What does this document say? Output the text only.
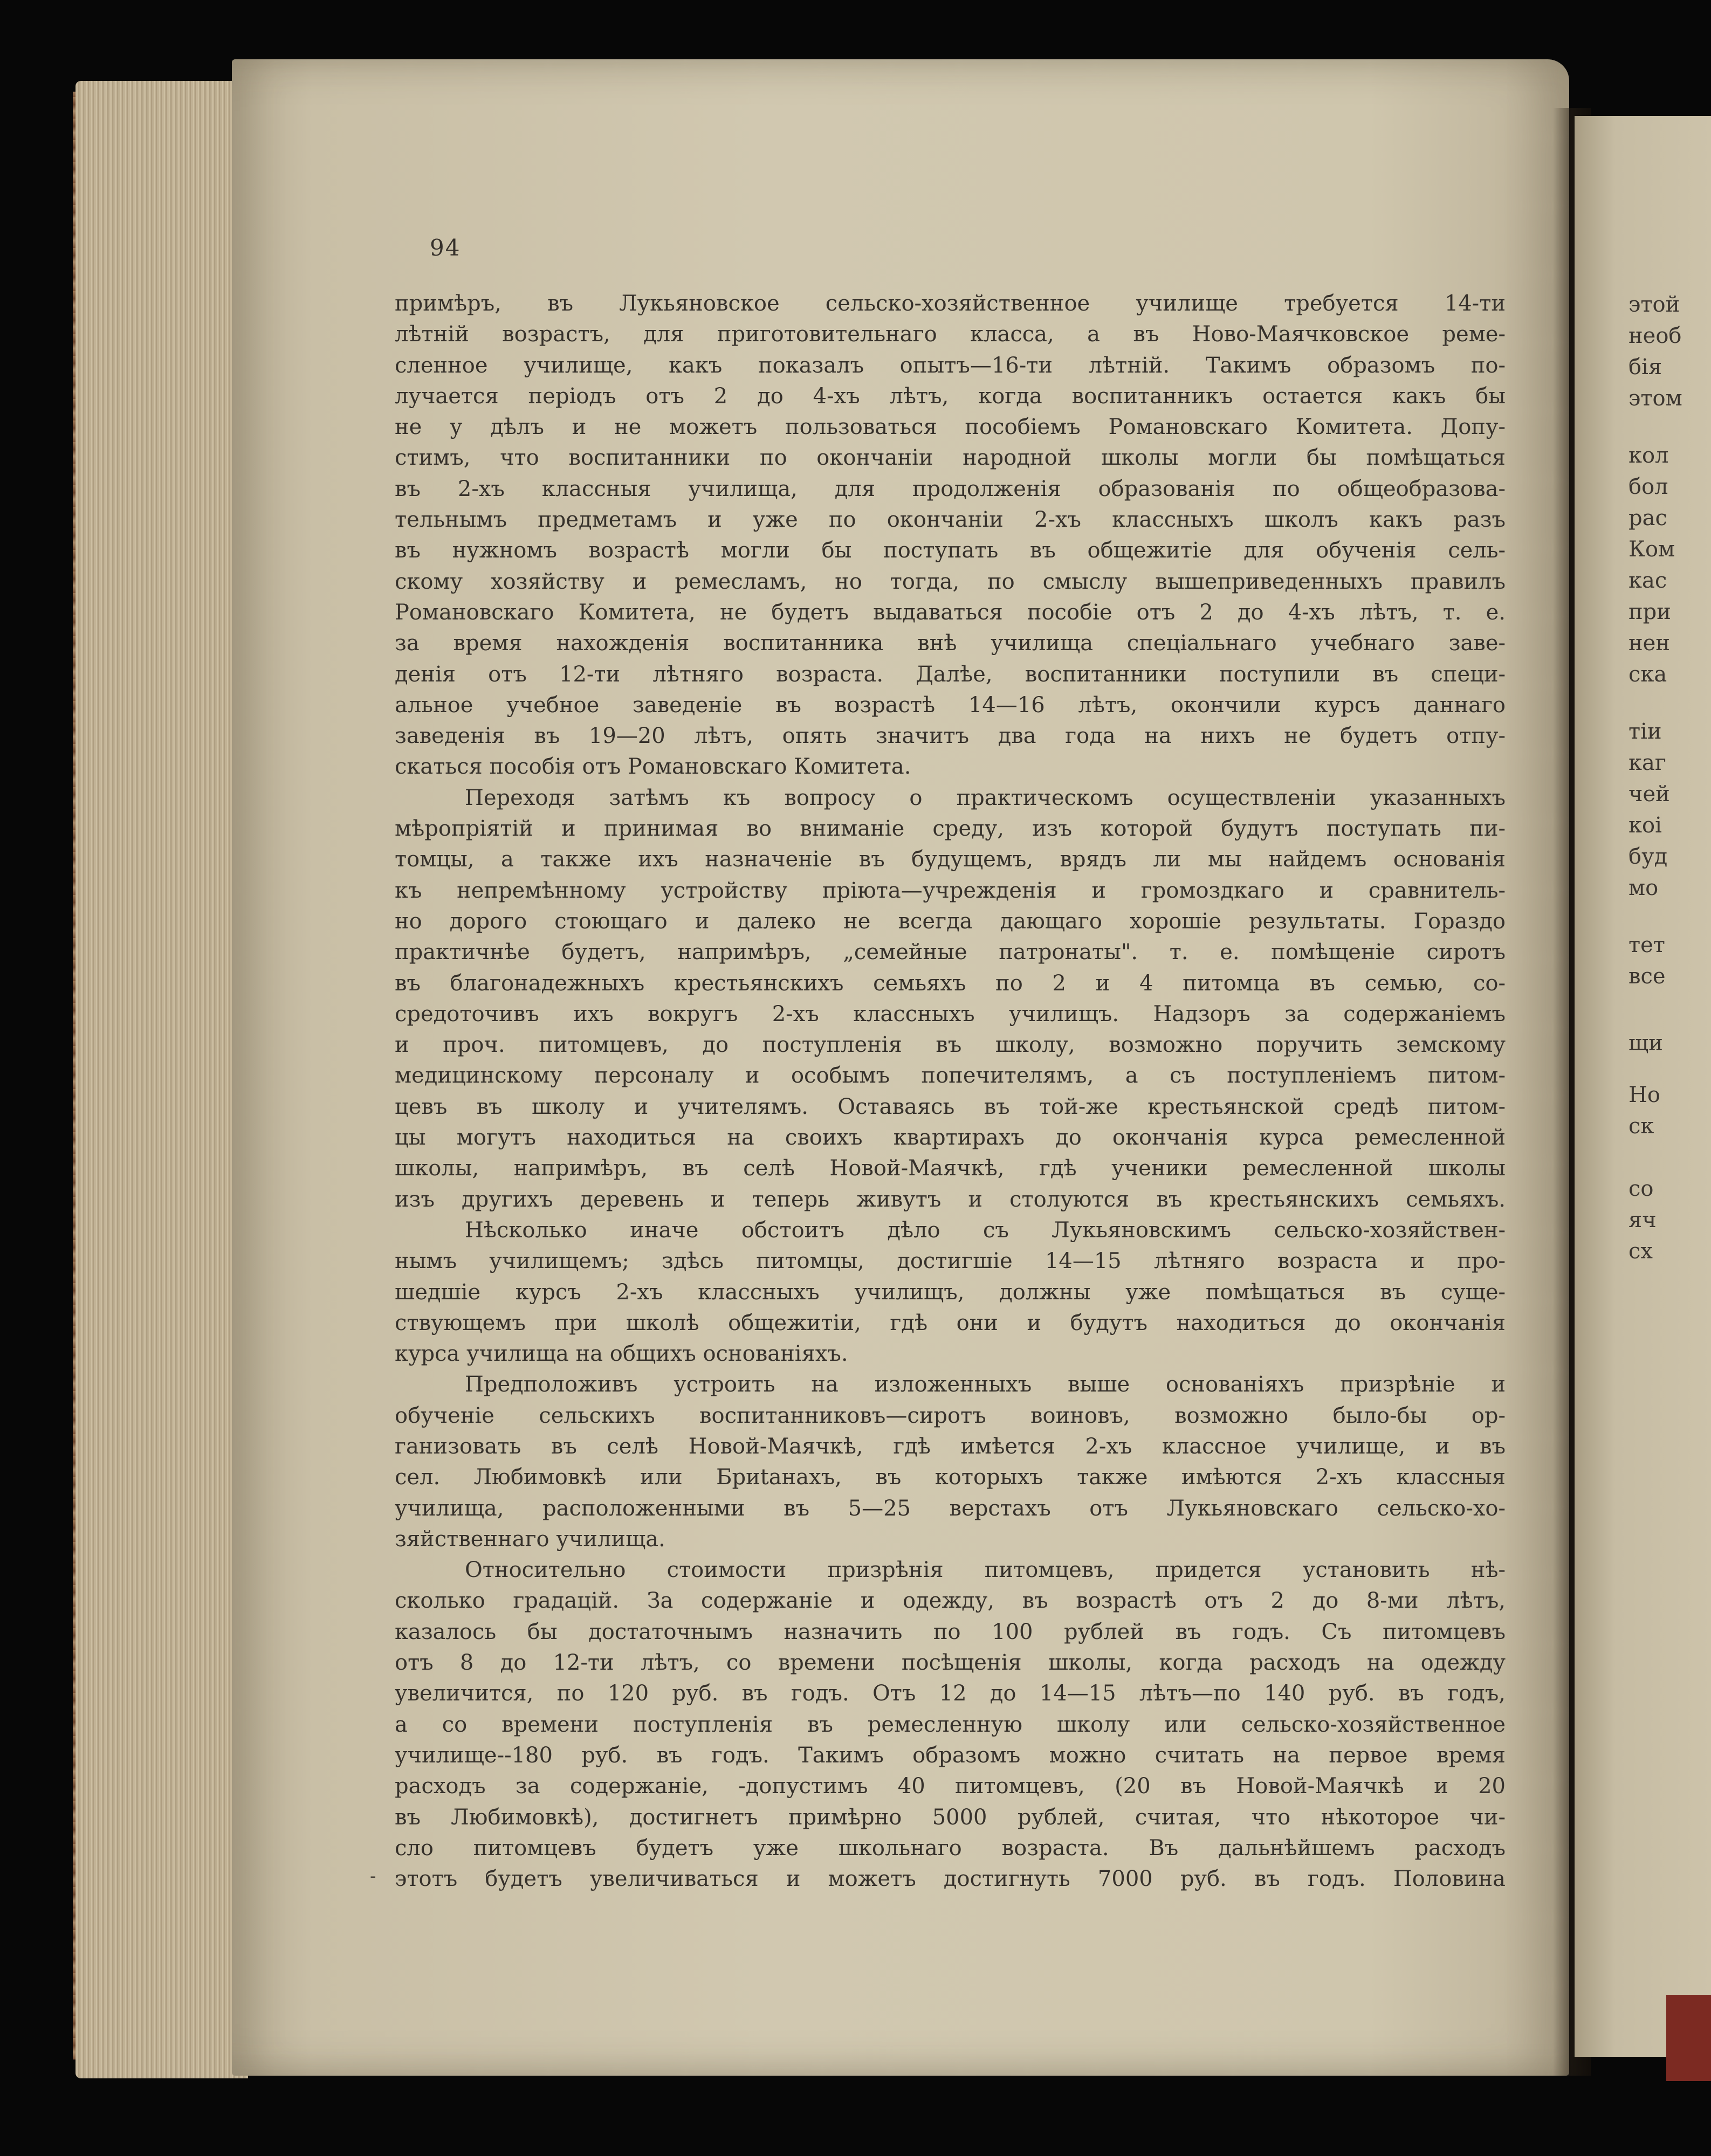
94
примѣръ, въ Лукьяновское сельско-хозяйственное училище требуется 14-ти
лѣтній возрастъ, для приготовительнаго класса, а въ Ново-Маячковское реме-
сленное училище, какъ показалъ опытъ—16-ти лѣтній. Такимъ образомъ по-
лучается періодъ отъ 2 до 4-хъ лѣтъ, когда воспитанникъ остается какъ бы
не у дѣлъ и не можетъ пользоваться пособіемъ Романовскаго Комитета. Допу-
стимъ, что воспитанники по окончаніи народной школы могли бы помѣщаться
въ 2-хъ классныя училища, для продолженія образованія по общеобразова-
тельнымъ предметамъ и уже по окончаніи 2-хъ классныхъ школъ какъ разъ
въ нужномъ возрастѣ могли бы поступать въ общежитіе для обученія сель-
скому хозяйству и ремесламъ, но тогда, по смыслу вышеприведенныхъ правилъ
Романовскаго Комитета, не будетъ выдаваться пособіе отъ 2 до 4-хъ лѣтъ, т. е.
за время нахожденія воспитанника внѣ училища спеціальнаго учебнаго заве-
денія отъ 12-ти лѣтняго возраста. Далѣе, воспитанники поступили въ специ-
альное учебное заведеніе въ возрастѣ 14—16 лѣтъ, окончили курсъ даннаго
заведенія въ 19—20 лѣтъ, опять значитъ два года на нихъ не будетъ отпу-
скаться пособія отъ Романовскаго Комитета.
Переходя затѣмъ къ вопросу о практическомъ осуществленіи указанныхъ
мѣропріятій и принимая во вниманіе среду, изъ которой будутъ поступать пи-
томцы, а также ихъ назначеніе въ будущемъ, врядъ ли мы найдемъ основанія
къ непремѣнному устройству пріюта—учрежденія и громоздкаго и сравнитель-
но дорого стоющаго и далеко не всегда дающаго хорошіе результаты. Гораздо
практичнѣе будетъ, напримѣръ, „семейные патронаты". т. е. помѣщеніе сиротъ
въ благонадежныхъ крестьянскихъ семьяхъ по 2 и 4 питомца въ семью, со-
средоточивъ ихъ вокругъ 2-хъ классныхъ училищъ. Надзоръ за содержаніемъ
и проч. питомцевъ, до поступленія въ школу, возможно поручить земскому
медицинскому персоналу и особымъ попечителямъ, а съ поступленіемъ питом-
цевъ въ школу и учителямъ. Оставаясь въ той-же крестьянской средѣ питом-
цы могутъ находиться на своихъ квартирахъ до окончанія курса ремесленной
школы, напримѣръ, въ селѣ Новой-Маячкѣ, гдѣ ученики ремесленной школы
изъ другихъ деревень и теперь живутъ и столуются въ крестьянскихъ семьяхъ.
Нѣсколько иначе обстоитъ дѣло съ Лукьяновскимъ сельско-хозяйствен-
нымъ училищемъ; здѣсь питомцы, достигшіе 14—15 лѣтняго возраста и про-
шедшіе курсъ 2-хъ классныхъ училищъ, должны уже помѣщаться въ суще-
ствующемъ при школѣ общежитіи, гдѣ они и будутъ находиться до окончанія
курса училища на общихъ основаніяхъ.
Предположивъ устроить на изложенныхъ выше основаніяхъ призрѣніе и
обученіе сельскихъ воспитанниковъ—сиротъ воиновъ, возможно было-бы ор-
ганизовать въ селѣ Новой-Маячкѣ, гдѣ имѣется 2-хъ классное училище, и въ
сел. Любимовкѣ или Бриtанахъ, въ которыхъ также имѣются 2-хъ классныя
училища, расположенными въ 5—25 верстахъ отъ Лукьяновскаго сельско-хо-
зяйственнаго училища.
Относительно стоимости призрѣнія питомцевъ, придется установить нѣ-
сколько градацій. За содержаніе и одежду, въ возрастѣ отъ 2 до 8-ми лѣтъ,
казалось бы достаточнымъ назначить по 100 рублей въ годъ. Съ питомцевъ
отъ 8 до 12-ти лѣтъ, со времени посѣщенія школы, когда расходъ на одежду
увеличится, по 120 руб. въ годъ. Отъ 12 до 14—15 лѣтъ—по 140 руб. въ годъ,
а со времени поступленія въ ремесленную школу или сельско-хозяйственное
училище--180 руб. въ годъ. Такимъ образомъ можно считать на первое время
расходъ за содержаніе, -допустимъ 40 питомцевъ, (20 въ Новой-Маячкѣ и 20
въ Любимовкѣ), достигнетъ примѣрно 5000 рублей, считая, что нѣкоторое чи-
сло питомцевъ будетъ уже школьнаго возраста. Въ дальнѣйшемъ расходъ
этотъ будетъ увеличиваться и можетъ достигнуть 7000 руб. въ годъ. Половина
-
этой
необ
бія
этом
кол
бол
рас
Ком
кас
при
нен
ска
тіи
каг
чей
коі
буд
мо
тет
все
щи
Но
ск
со
яч
сх
